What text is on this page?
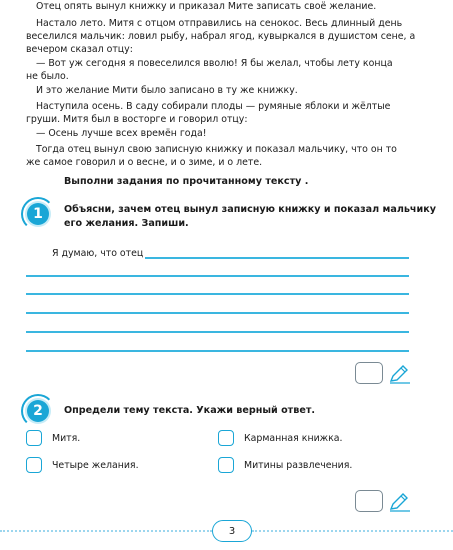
Отец опять вынул книжку и приказал Мите записать своё желание.
Настало лето. Митя с отцом отправились на сенокос. Весь длинный день
веселился мальчик: ловил рыбу, набрал ягод, кувыркался в душистом сене, а
вечером сказал отцу:
— Вот уж сегодня я повеселился вволю! Я бы желал, чтобы лету конца
не было.
И это желание Мити было записано в ту же книжку.
Наступила осень. В саду собирали плоды — румяные яблоки и жёлтые
груши. Митя был в восторге и говорил отцу:
— Осень лучше всех времён года!
Тогда отец вынул свою записную книжку и показал мальчику, что он то
же самое говорил и о весне, и о зиме, и о лете.
Выполни задания по прочитанному тексту .
1	Объясни, зачем отец вынул записную книжку и показал мальчику
его желания. Запиши.
Я думаю, что отец
2	Определи тему текста. Укажи верный ответ.
Митя.	Карманная книжка.
Четыре желания.	Митины развлечения.
3
